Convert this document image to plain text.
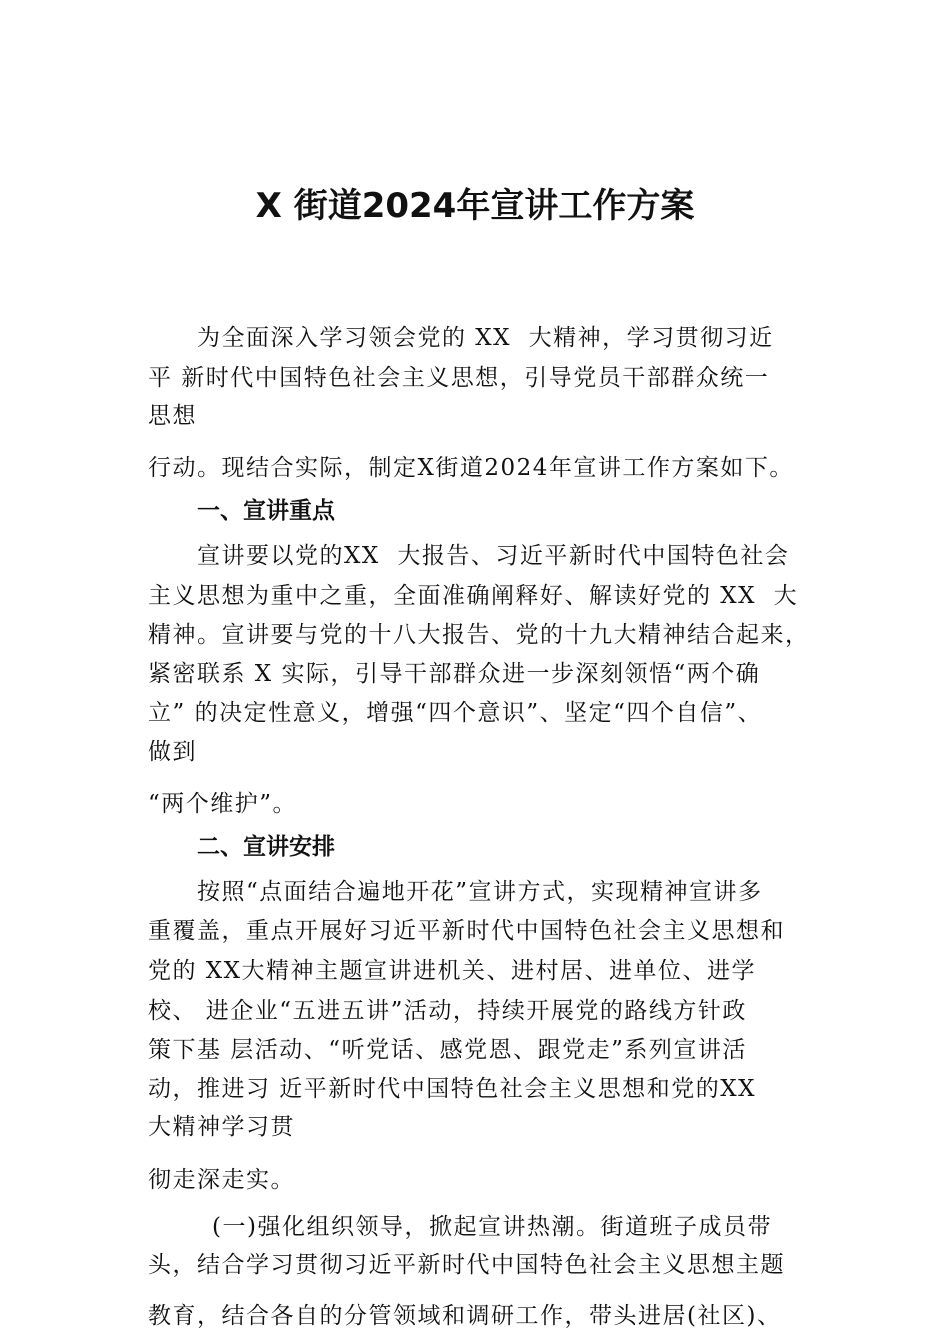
X 街道2024年宣讲工作方案
为全面深入学习领会党的 XX  大精神，学习贯彻习近
平 新时代中国特色社会主义思想，引导党员干部群众统一
思想
行动。现结合实际，制定X街道2024年宣讲工作方案如下。
一、宣讲重点
宣讲要以党的XX  大报告、习近平新时代中国特色社会
主义思想为重中之重，全面准确阐释好、解读好党的 XX  大
精神。宣讲要与党的十八大报告、党的十九大精神结合起来，
紧密联系 X 实际，引导干部群众进一步深刻领悟“两个确
立” 的决定性意义，增强“四个意识”、坚定“四个自信”、
做到
“两个维护”。
二、宣讲安排
按照“点面结合遍地开花”宣讲方式，实现精神宣讲多
重覆盖，重点开展好习近平新时代中国特色社会主义思想和
党的 XX大精神主题宣讲进机关、进村居、进单位、进学
校、 进企业“五进五讲”活动，持续开展党的路线方针政
策下基 层活动、“听党话、感党恩、跟党走”系列宣讲活
动，推进习 近平新时代中国特色社会主义思想和党的XX
大精神学习贯
彻走深走实。
(一)强化组织领导，掀起宣讲热潮。街道班子成员带
头，结合学习贯彻习近平新时代中国特色社会主义思想主题
教育，结合各自的分管领域和调研工作，带头进居(社区)、
